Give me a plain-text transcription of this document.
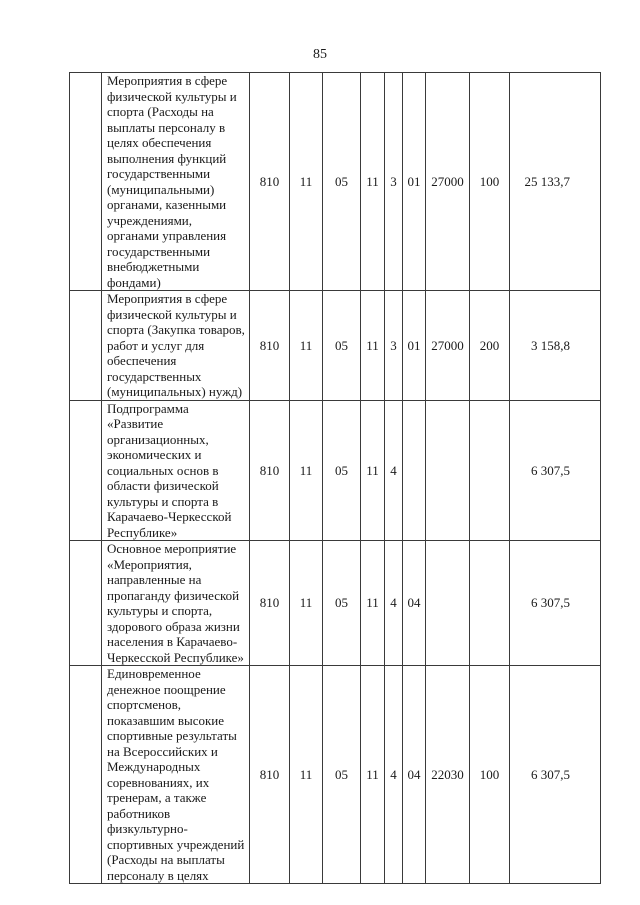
85
	Мероприятия в сфере физической культуры и спорта (Расходы на выплаты персоналу в целях обеспечения выполнения функций государственными (муниципальными) органами, казенными учреждениями, органами управления государственными внебюджетными фондами)	810	11	05	11	3	01	27000	100	25 133,7
	Мероприятия в сфере физической культуры и спорта (Закупка товаров, работ и услуг для обеспечения государственных (муниципальных) нужд)	810	11	05	11	3	01	27000	200	3 158,8
	Подпрограмма «Развитие организационных, экономических и социальных основ в области физической культуры и спорта в Карачаево-Черкесской Республике»	810	11	05	11	4				6 307,5
	Основное мероприятие «Мероприятия, направленные на пропаганду физической культуры и спорта, здорового образа жизни населения в Карачаево-Черкесской Республике»	810	11	05	11	4	04			6 307,5
	Единовременное денежное поощрение спортсменов, показавшим высокие спортивные результаты на Всероссийских и Международных соревнованиях, их тренерам, а также работников физкультурно-спортивных учреждений (Расходы на выплаты персоналу в целях	810	11	05	11	4	04	22030	100	6 307,5
